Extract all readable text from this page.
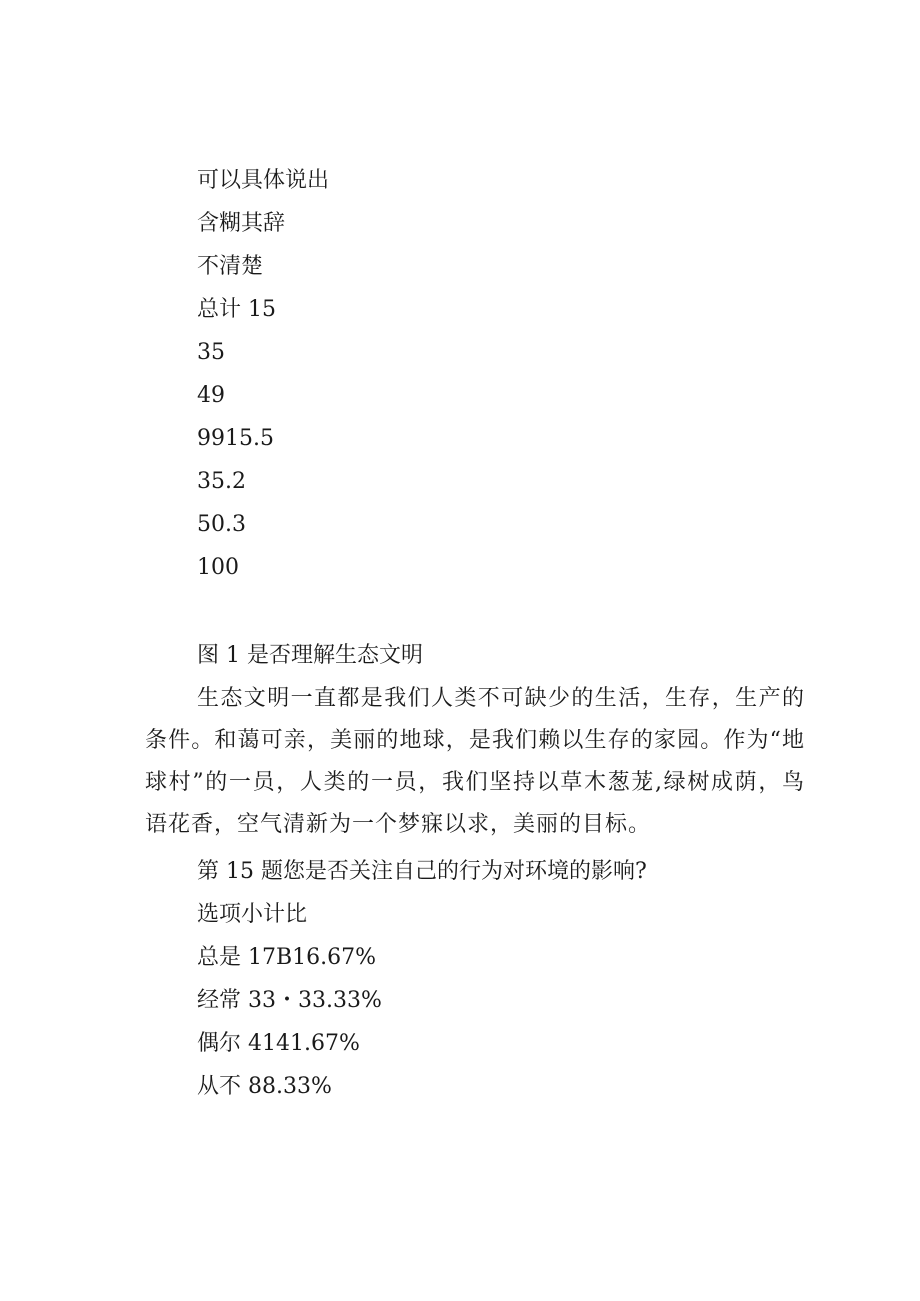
可以具体说出
含糊其辞
不清楚
总计 15
35
49
9915.5
35.2
50.3
100
图 1 是否理解生态文明
生态文明一直都是我们人类不可缺少的生活，生存，生产的条件。和蔼可亲，美丽的地球，是我们赖以生存的家园。作为“地球村”的一员，人类的一员，我们坚持以草木葱茏,绿树成荫，鸟语花香，空气清新为一个梦寐以求，美丽的目标。
第 15 题您是否关注自己的行为对环境的影响?
选项小计比
总是 17B16.67%
经常 33・33.33%
偶尔 4141.67%
从不 88.33%
